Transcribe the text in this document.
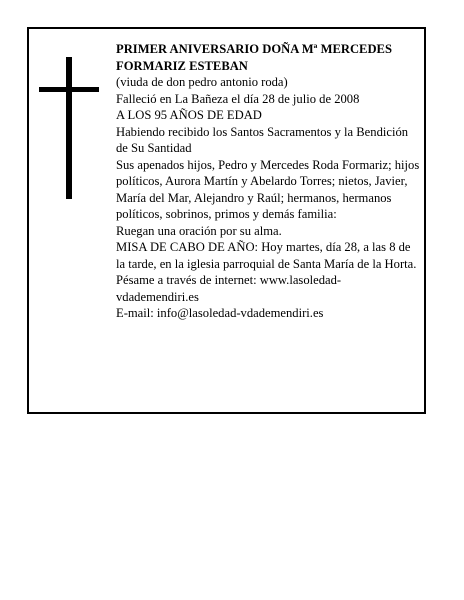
PRIMER ANIVERSARIO DOÑA Mª MERCEDES FORMARIZ ESTEBAN

(viuda de don pedro antonio roda)

Falleció en La Bañeza el día 28 de julio de 2008

A LOS 95 AÑOS DE EDAD

Habiendo recibido los Santos Sacramentos y la Bendición de Su Santidad

Sus apenados hijos, Pedro y Mercedes Roda Formariz; hijos políticos, Aurora Martín y Abelardo Torres; nietos, Javier, María del Mar, Alejandro y Raúl; hermanos, hermanos políticos, sobrinos, primos y demás familia:

Ruegan una oración por su alma.

MISA DE CABO DE AÑO: Hoy martes, día 28, a las 8 de la tarde, en la iglesia parroquial de Santa María de la Horta.

Pésame a través de internet: www.lasoledad-vdademendiri.es

E-mail: info@lasoledad-vdademendiri.es
